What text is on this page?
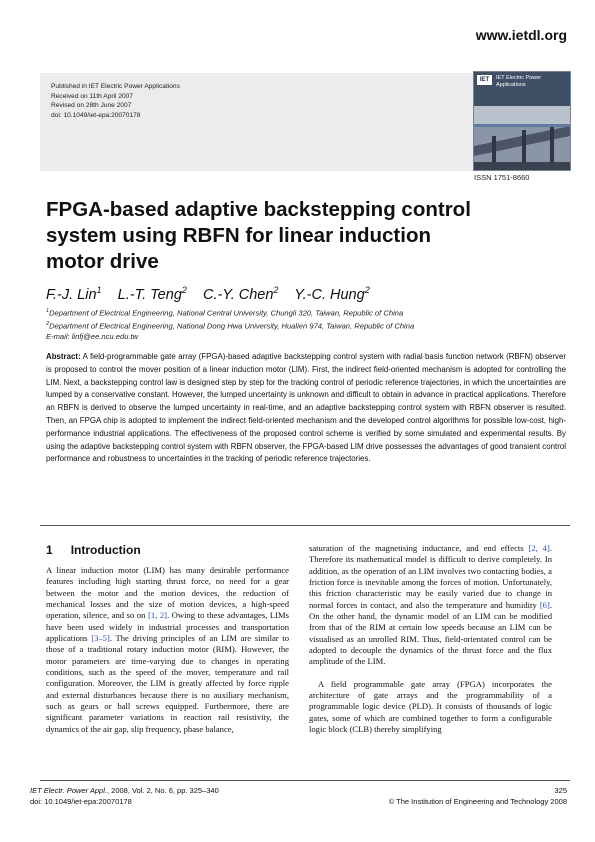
www.ietdl.org
Published in IET Electric Power Applications
Received on 11th April 2007
Revised on 28th June 2007
doi: 10.1049/iet-epa:20070178
IET	IET Electric Power Applications
ISSN 1751-8660
FPGA-based adaptive backstepping control system using RBFN for linear induction motor drive
F.-J. Lin$^1$ L.-T. Teng$^2$ C.-Y. Chen$^2$ Y.-C. Hung$^2$
$^1$Department of Electrical Engineering, National Central University, Chungli 320, Taiwan, Republic of China
$^2$Department of Electrical Engineering, National Dong Hwa University, Hualien 974, Taiwan, Republic of China
E-mail: linfj@ee.ncu.edu.tw

Abstract: A field-programmable gate array (FPGA)-based adaptive backstepping control system with radial basis function network (RBFN) observer is proposed to control the mover position of a linear induction motor (LIM). First, the indirect field-oriented mechanism is adopted for controlling the LIM. Next, a backstepping control law is designed step by step for the tracking control of periodic reference trajectories, in which the uncertainties are lumped by a conservative constant. However, the lumped uncertainty is unknown and difficult to obtain in advance in practical applications. Therefore an RBFN is derived to observe the lumped uncertainty in real-time, and an adaptive backstepping control system with RBFN observer is resulted. Then, an FPGA chip is adopted to implement the indirect field-oriented mechanism and the developed control algorithms for possible low-cost, high-performance industrial applications. The effectiveness of the proposed control scheme is verified by some simulated and experimental results. By using the adaptive backstepping control system with RBFN observer, the FPGA-based LIM drive possesses the advantages of good transient control performance and robustness to uncertainties in the tracking of periodic reference trajectories.

1 Introduction

A linear induction motor (LIM) has many desirable performance features including high starting thrust force, no need for a gear between the motor and the motion devices, the reduction of mechanical losses and the size of motion devices, a high-speed operation, silence, and so on [1, 2]. Owing to these advantages, LIMs have been used widely in industrial processes and transportation applications [3–5]. The driving principles of an LIM are similar to those of a traditional rotary induction motor (RIM). However, the motor parameters are time-varying due to changes in operating conditions, such as the speed of the mover, temperature and rail configuration. Moreover, the LIM is greatly affected by force ripple and external disturbances because there is no auxiliary mechanism, such as gears or ball screws equipped. Furthermore, there are significant parameter variations in reaction rail resistivity, the dynamics of the air gap, slip frequency, phase balance,

saturation of the magnetising inductance, and end effects [2, 4]. Therefore its mathematical model is difficult to derive completely. In addition, as the operation of an LIM involves two contacting bodies, a friction force is inevitable among the forces of motion. Unfortunately, this friction characteristic may be easily varied due to change in normal forces in contact, and also the temperature and humidity [6]. On the other hand, the dynamic model of an LIM can be modified from that of the RIM at certain low speeds because an LIM can be visualised as an unrolled RIM. Thus, field-orientated control can be adopted to decouple the dynamics of the thrust force and the flux amplitude of the LIM.

A field programmable gate array (FPGA) incorporates the architecture of gate arrays and the programmability of a programmable logic device (PLD). It consists of thousands of logic gates, some of which are combined together to form a configurable logic block (CLB) thereby simplifying

IET Electr. Power Appl., 2008, Vol. 2, No. 6, pp. 325–340
doi: 10.1049/iet-epa:20070178
325
© The Institution of Engineering and Technology 2008
